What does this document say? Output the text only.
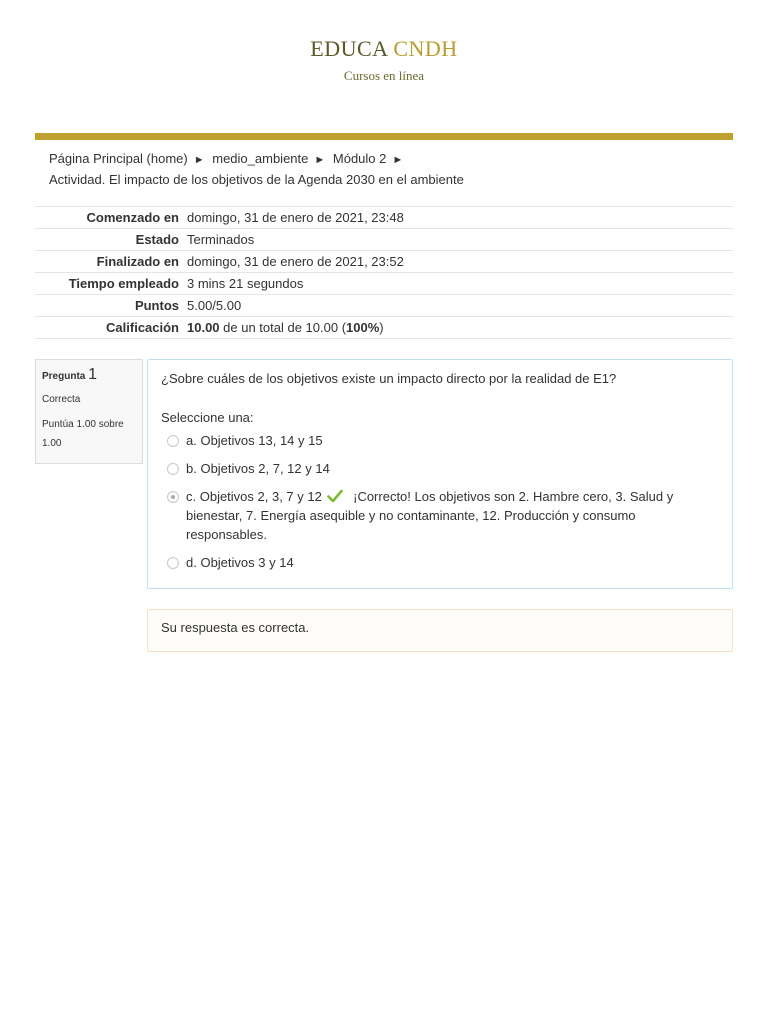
EDUCA CNDH
Cursos en línea
Página Principal (home) ► medio_ambiente ► Módulo 2 ►
Actividad. El impacto de los objetivos de la Agenda 2030 en el ambiente
Comenzado en	domingo, 31 de enero de 2021, 23:48
Estado	Terminados
Finalizado en	domingo, 31 de enero de 2021, 23:52
Tiempo empleado	3 mins 21 segundos
Puntos	5.00/5.00
Calificación	10.00 de un total de 10.00 (100%)
Pregunta 1
Correcta
Puntúa 1.00 sobre 1.00
¿Sobre cuáles de los objetivos existe un impacto directo por la realidad de E1?
Seleccione una:
a. Objetivos 13, 14 y 15
b. Objetivos 2, 7, 12 y 14
c. Objetivos 2, 3, 7 y 12 ¡Correcto! Los objetivos son 2. Hambre cero, 3. Salud y bienestar, 7. Energía asequible y no contaminante, 12. Producción y consumo responsables.
d. Objetivos 3 y 14
Su respuesta es correcta.
